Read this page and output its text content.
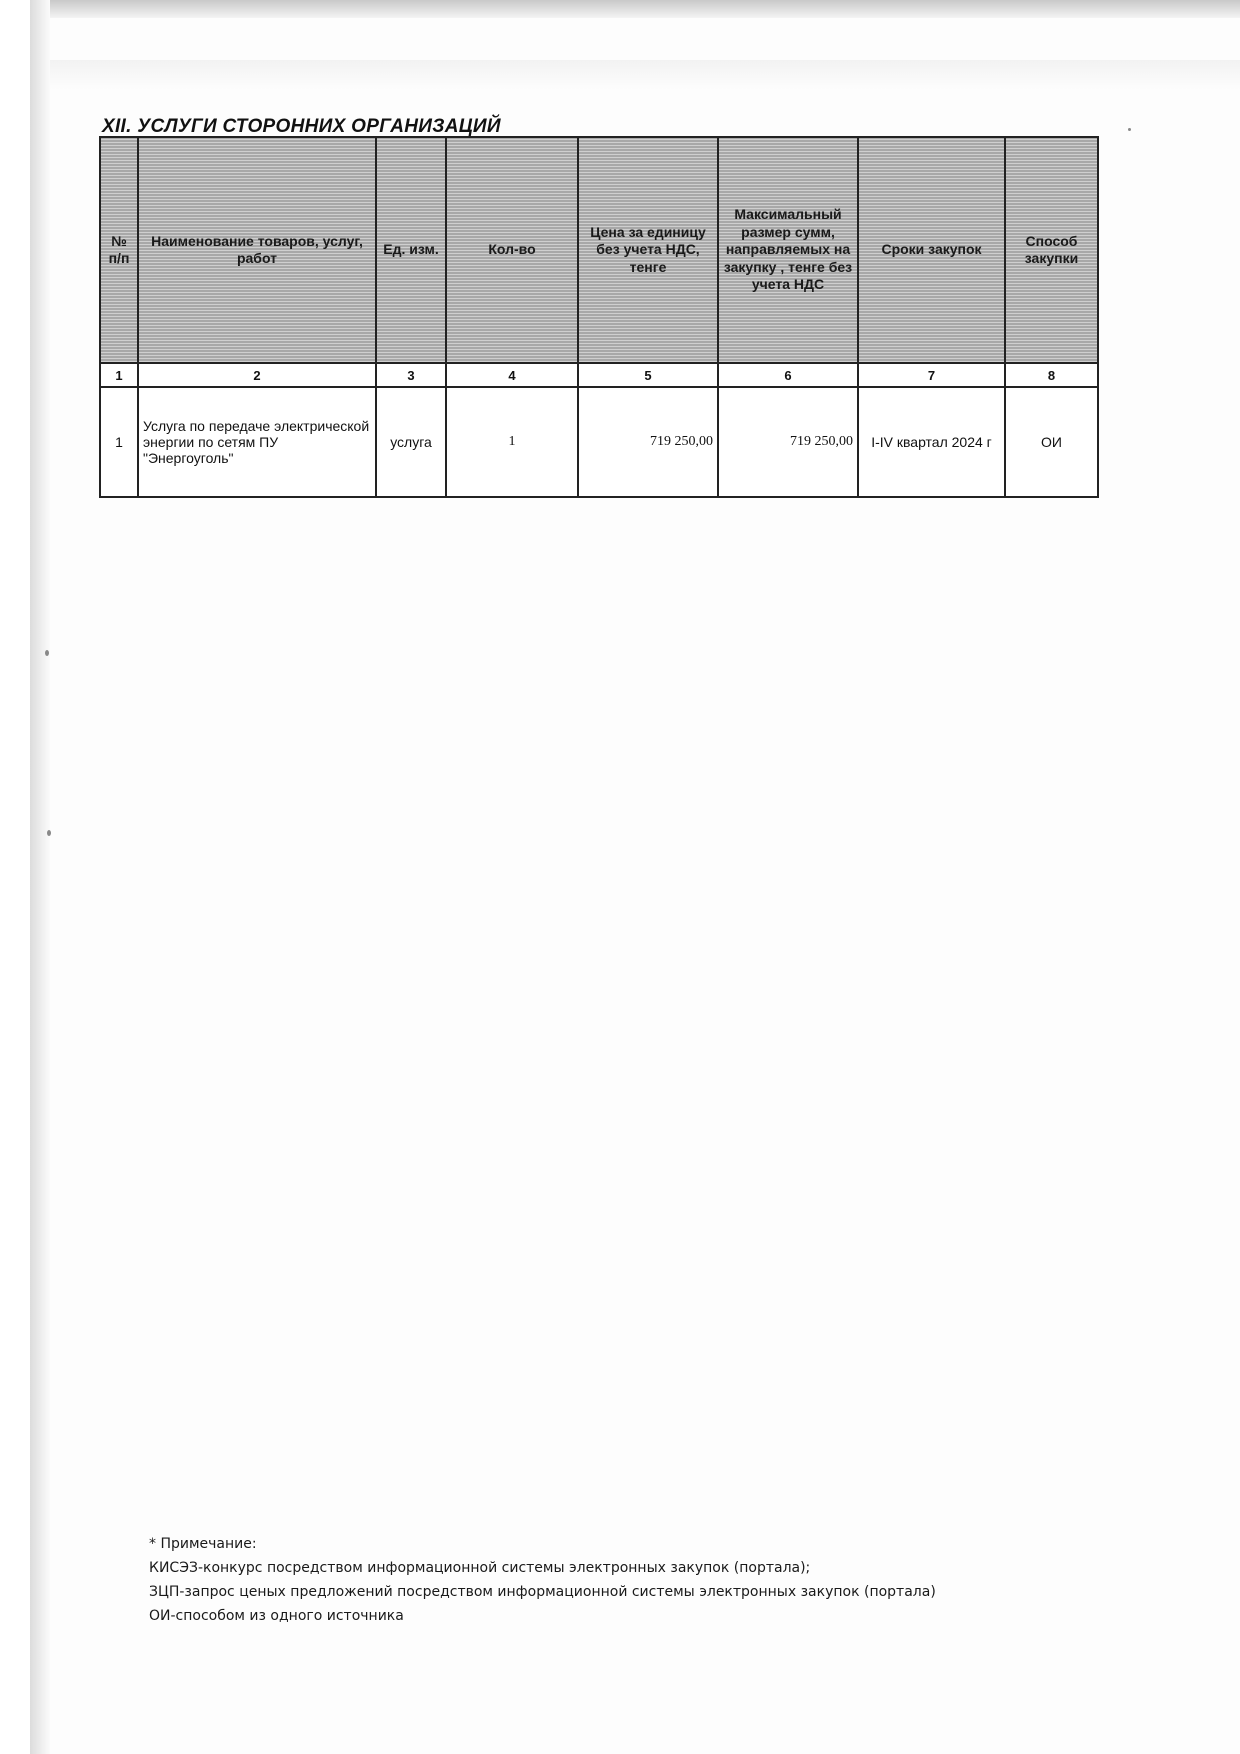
XII. УСЛУГИ СТОРОННИХ ОРГАНИЗАЦИЙ
№ п/п	Наименование товаров, услуг, работ	Ед. изм.	Кол-во	Цена за единицу без учета НДС, тенге	Максимальный размер сумм, направляемых на закупку , тенге без учета НДС	Сроки закупок	Способ закупки
1	2	3	4	5	6	7	8
1	Услуга по передаче электрической энергии по сетям ПУ "Энергоуголь"	услуга	1	719 250,00	719 250,00	I-IV квартал 2024 г	ОИ
* Примечание:
КИСЭЗ-конкурс посредством информационной системы электронных закупок (портала);
ЗЦП-запрос ценых предложений посредством информационной системы электронных закупок (портала)
ОИ-способом из одного источника
